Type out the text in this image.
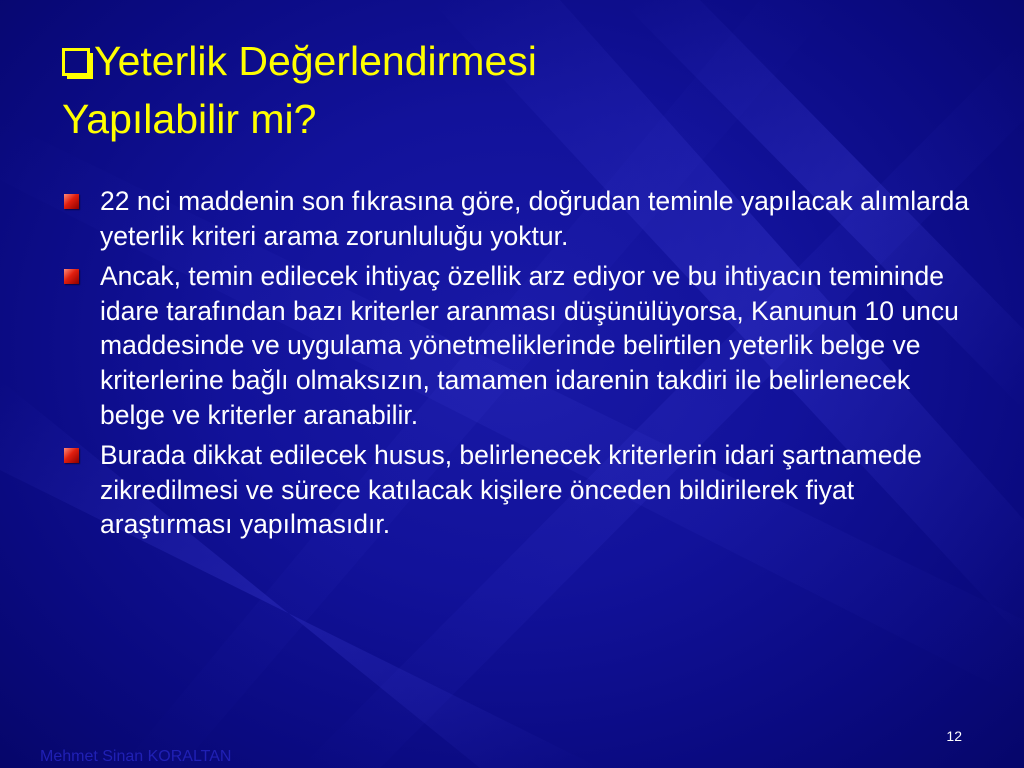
Yeterlik Değerlendirmesi
Yapılabilir mi?
22 nci maddenin son fıkrasına göre, doğrudan teminle yapılacak alımlarda yeterlik kriteri arama zorunluluğu yoktur.
Ancak, temin edilecek ihtiyaç özellik arz ediyor ve bu ihtiyacın temininde idare tarafından bazı kriterler aranması düşünülüyorsa, Kanunun 10 uncu maddesinde ve uygulama yönetmeliklerinde belirtilen yeterlik belge ve kriterlerine bağlı olmaksızın, tamamen idarenin takdiri ile belirlenecek belge ve kriterler aranabilir.
Burada dikkat edilecek husus, belirlenecek kriterlerin idari şartnamede zikredilmesi ve sürece katılacak kişilere önceden bildirilerek fiyat araştırması yapılmasıdır.
12
Mehmet Sinan KORALTAN
